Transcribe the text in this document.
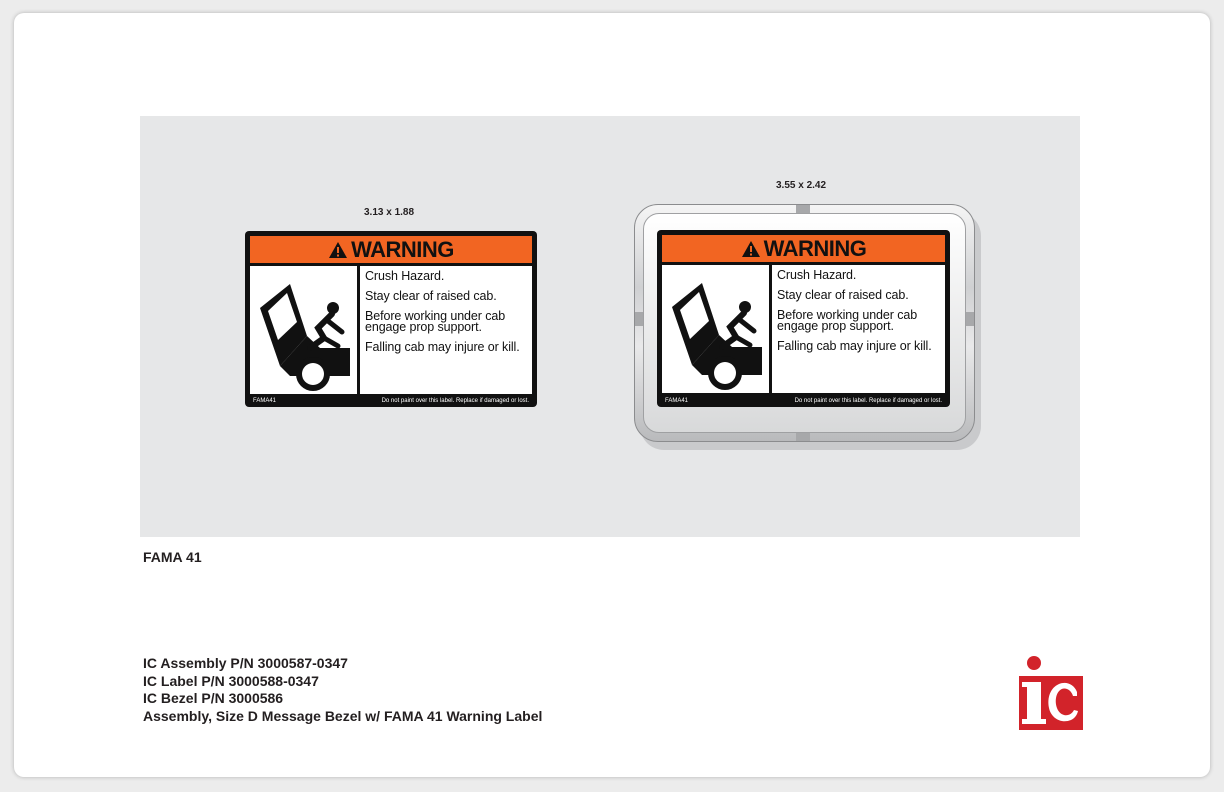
3.13 x 1.88
WARNING

Crush Hazard.

Stay clear of raised cab.

Before working under cab engage prop support.

Falling cab may injure or kill.

FAMA41	Do not paint over this label. Replace if damaged or lost.
3.55 x 2.42
WARNING

Crush Hazard.

Stay clear of raised cab.

Before working under cab engage prop support.

Falling cab may injure or kill.

FAMA41	Do not paint over this label. Replace if damaged or lost.
FAMA 41
IC Assembly P/N 3000587-0347
IC Label P/N 3000588-0347
IC Bezel P/N 3000586
Assembly, Size D Message Bezel w/ FAMA 41 Warning Label
